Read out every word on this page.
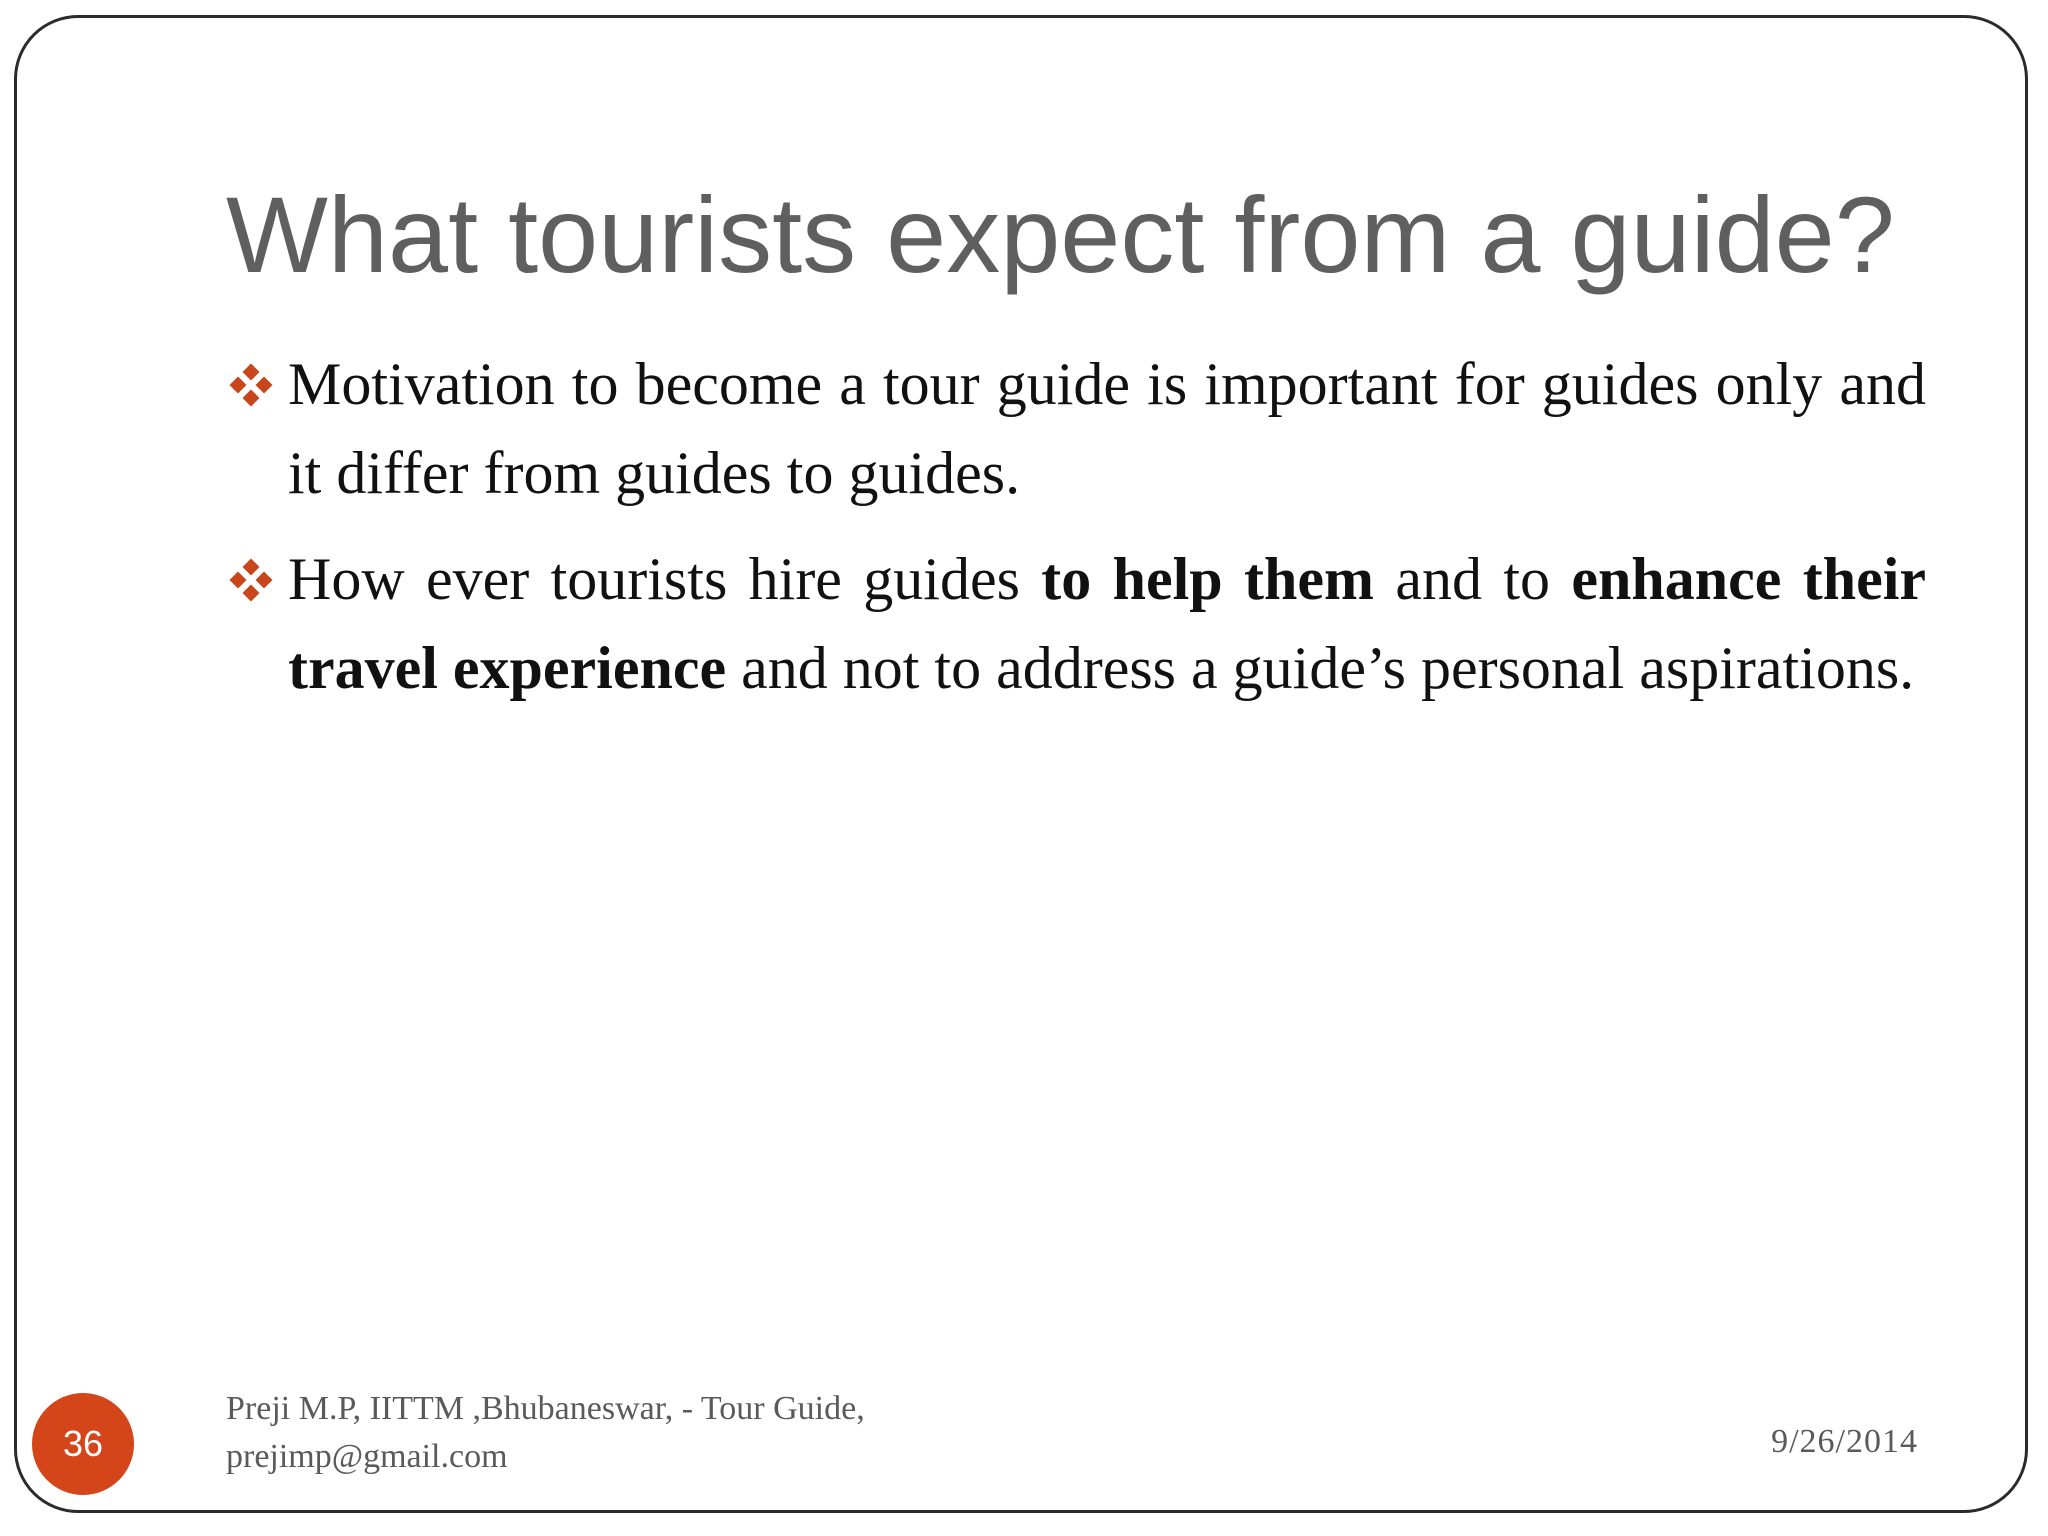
What tourists expect from a guide?

Motivation to become a tour guide is important for guides only and it differ from guides to guides.

How ever tourists hire guides to help them and to enhance their travel experience and not to address a guide’s personal aspirations.

36
Preji M.P, IITTM ,Bhubaneswar, - Tour Guide,
prejimp@gmail.com	9/26/2014
